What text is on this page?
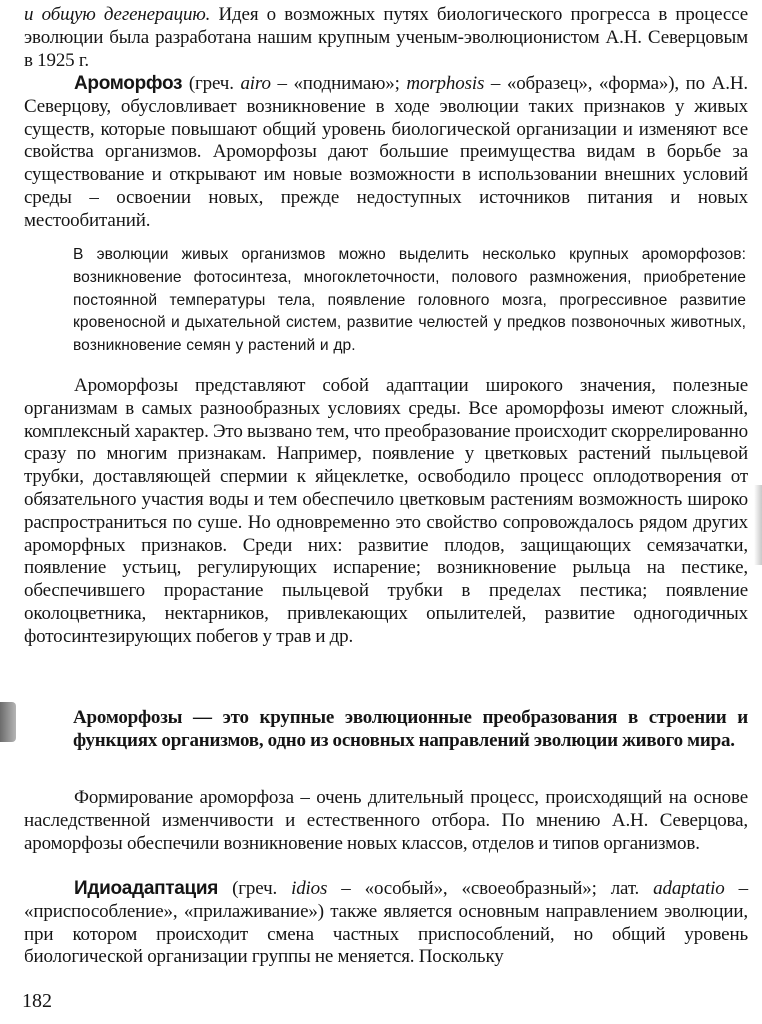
и общую дегенерацию. Идея о возможных путях биологического прогресса в процессе эволюции была разработана нашим крупным ученым-эволюционистом А.Н. Северцовым в 1925 г.

Ароморфоз (греч. airo – «поднимаю»; morphosis – «образец», «форма»), по А.Н. Северцову, обусловливает возникновение в ходе эволюции таких признаков у живых существ, которые повышают общий уровень биологической организации и изменяют все свойства организмов. Ароморфозы дают большие преимущества видам в борьбе за существование и открывают им новые возможности в использовании внешних условий среды – освоении новых, прежде недоступных источников питания и новых местообитаний.

В эволюции живых организмов можно выделить несколько крупных ароморфозов: возникновение фотосинтеза, многоклеточности, полового размножения, приобретение постоянной температуры тела, появление головного мозга, прогрессивное развитие кровеносной и дыхательной систем, развитие челюстей у предков позвоночных животных, возникновение семян у растений и др.

Ароморфозы представляют собой адаптации широкого значения, полезные организмам в самых разнообразных условиях среды. Все ароморфозы имеют сложный, комплексный характер. Это вызвано тем, что преобразование происходит скоррелированно сразу по многим признакам. Например, появление у цветковых растений пыльцевой трубки, доставляющей спермии к яйцеклетке, освободило процесс оплодотворения от обязательного участия воды и тем обеспечило цветковым растениям возможность широко распространиться по суше. Но одновременно это свойство сопровождалось рядом других ароморфных признаков. Среди них: развитие плодов, защищающих семязачатки, появление устьиц, регулирующих испарение; возникновение рыльца на пестике, обеспечившего прорастание пыльцевой трубки в пределах пестика; появление околоцветника, нектарников, привлекающих опылителей, развитие одногодичных фотосинтезирующих побегов у трав и др.

Ароморфозы — это крупные эволюционные преобразования в строении и функциях организмов, одно из основных направлений эволюции живого мира.

Формирование ароморфоза – очень длительный процесс, происходящий на основе наследственной изменчивости и естественного отбора. По мнению А.Н. Северцова, ароморфозы обеспечили возникновение новых классов, отделов и типов организмов.

Идиоадаптация (греч. idios – «особый», «своеобразный»; лат. adaptatio – «приспособление», «прилаживание») также является основным направлением эволюции, при котором происходит смена частных приспособлений, но общий уровень биологической организации группы не меняется. Поскольку

182
